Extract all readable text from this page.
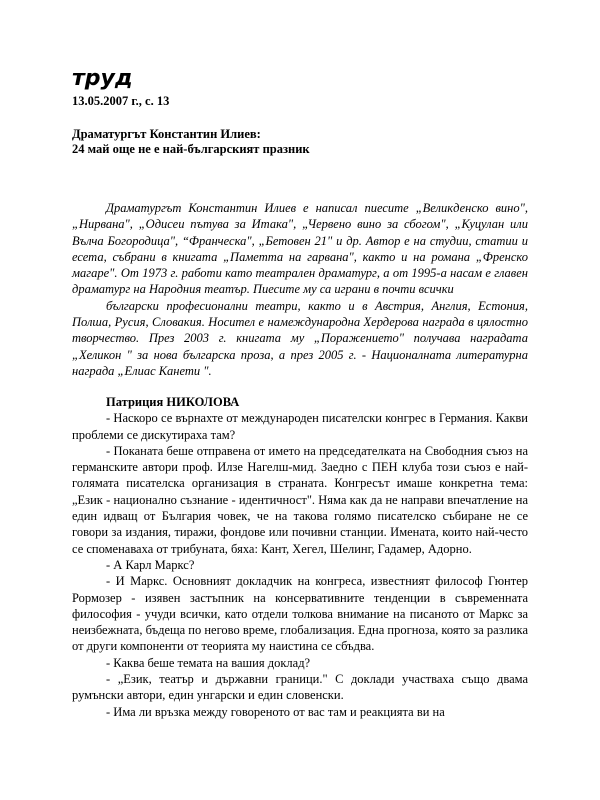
труд
13.05.2007 г., с. 13
Драматургът Константин Илиев:
24 май още не е най-българският празник

Драматургът Константин Илиев е написал пиесите „Великденско вино", „Нирвана", „Одисеи пътува за Итака", „Червено вино за сбогом", „Куцулан или Вълча Богородица", “Франческа", „Бетовен 21" и др. Автор е на студии, статии и есета, събрани в книгата „Паметта на гарвана", както и на романа „Френско магаре". От 1973 г. работи като театрален драматург, а от 1995-а насам е главен драматург на Народния театър. Пиесите му са играни в почти всички

български професионални театри, както и в Австрия, Англия, Естония, Полша, Русия, Словакия. Носител е намеждународна Хердерова награда в цялостно творчество. През 2003 г. книгата му „Поражението" получава наградата „Хеликон " за нова българска проза, а през 2005 г. - Националната литературна награда „Елиас Канети ".

Патриция НИКОЛОВА

- Наскоро се върнахте от международен писателски конгрес в Германия. Какви проблеми се дискутираха там?

- Поканата беше отправена от името на председателката на Свободния съюз на германските автори проф. Илзе Нагелш-мид. Заедно с ПЕН клуба този съюз е най-голямата писателска организация в страната. Конгресът имаше конкретна тема: „Език - национално съзнание - идентичност". Няма как да не направи впечатление на един идващ от България човек, че на такова голямо писателско събиране не се говори за издания, тиражи, фондове или почивни станции. Имената, които най-често се споменаваха от трибуната, бяха: Кант, Хегел, Шелинг, Гадамер, Адорно.

- А Карл Маркс?

- И Маркс. Основният докладчик на конгреса, известният философ Гюнтер Рормозер - изявен застъпник на консервативните тенденции в съвременната философия - учуди всички, като отдели толкова внимание на писаното от Маркс за неизбежната, бъдеща по негово време, глобализация. Една прогноза, която за разлика от други компоненти от теорията му наистина се сбъдва.

- Каква беше темата на вашия доклад?

- „Език, театър и държавни граници." С доклади участваха също двама румънски автори, един унгарски и един словенски.

- Има ли връзка между говореното от вас там и реакцията ви на
